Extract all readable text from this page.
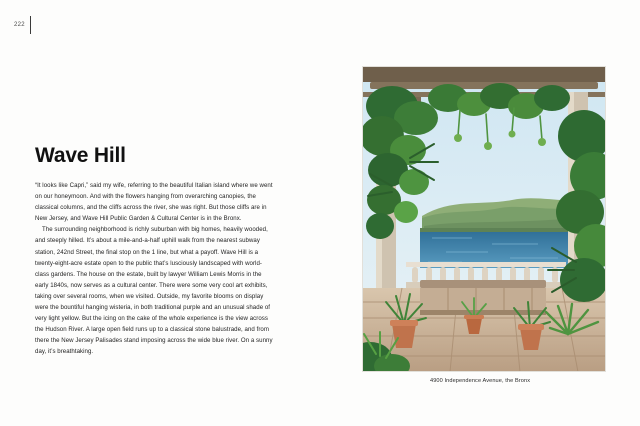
222
Wave Hill

“It looks like Capri,” said my wife, referring to the beautiful Italian island where we went on our honeymoon. And with the flowers hanging from overarching canopies, the classical columns, and the cliffs across the river, she was right. But those cliffs are in New Jersey, and Wave Hill Public Garden & Cultural Center is in the Bronx.

The surrounding neighborhood is richly suburban with big homes, heavily wooded, and steeply hilled. It’s about a mile-and-a-half uphill walk from the nearest subway station, 242nd Street, the final stop on the 1 line, but what a payoff. Wave Hill is a twenty-eight-acre estate open to the public that’s lusciously landscaped with world-class gardens. The house on the estate, built by lawyer William Lewis Morris in the early 1840s, now serves as a cultural center. There were some very cool art exhibits, taking over several rooms, when we visited. Outside, my favorite blooms on display were the bountiful hanging wisteria, in both traditional purple and an unusual shade of very light yellow. But the icing on the cake of the whole experience is the view across the Hudson River. A large open field runs up to a classical stone balustrade, and from there the New Jersey Palisades stand imposing across the wide blue river. On a sunny day, it’s breathtaking.

4900 Independence Avenue, the Bronx
